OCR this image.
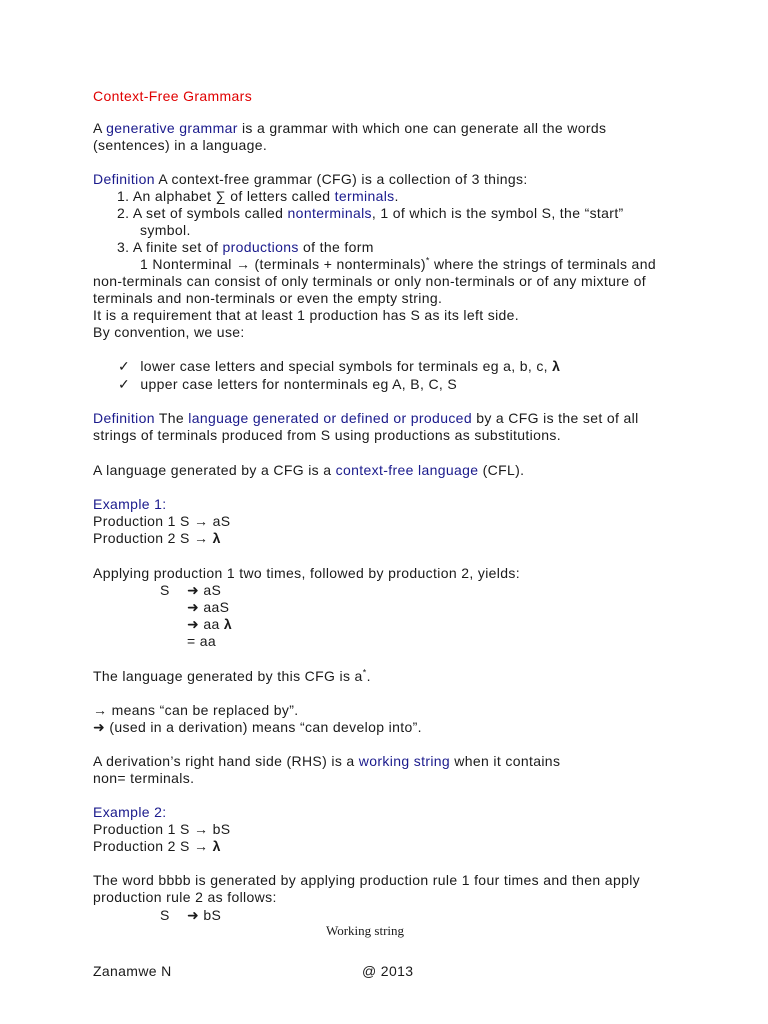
Context-Free Grammars
A generative grammar is a grammar with which one can generate all the words
(sentences) in a language.
Definition A context-free grammar (CFG) is a collection of 3 things:
1. An alphabet ∑ of letters called terminals.
2. A set of symbols called nonterminals, 1 of which is the symbol S, the “start”
symbol.
3. A finite set of productions of the form
1 Nonterminal → (terminals + nonterminals)* where the strings of terminals and
non-terminals can consist of only terminals or only non-terminals or of any mixture of
terminals and non-terminals or even the empty string.
It is a requirement that at least 1 production has S as its left side.
By convention, we use:
✓ lower case letters and special symbols for terminals eg a, b, c, λ
✓ upper case letters for nonterminals eg A, B, C, S
Definition The language generated or defined or produced by a CFG is the set of all
strings of terminals produced from S using productions as substitutions.
A language generated by a CFG is a context-free language (CFL).
Example 1:
Production 1 S → aS
Production 2 S → λ
Applying production 1 two times, followed by production 2, yields:
S ➜ aS
➜ aaS
➜ aa λ
= aa
The language generated by this CFG is a*.
→ means “can be replaced by”.
➜ (used in a derivation) means “can develop into”.
A derivation’s right hand side (RHS) is a working string when it contains
non= terminals.
Example 2:
Production 1 S → bS
Production 2 S → λ
The word bbbb is generated by applying production rule 1 four times and then apply
production rule 2 as follows:
S ➜ bS
Working string
Zanamwe N	@ 2013
